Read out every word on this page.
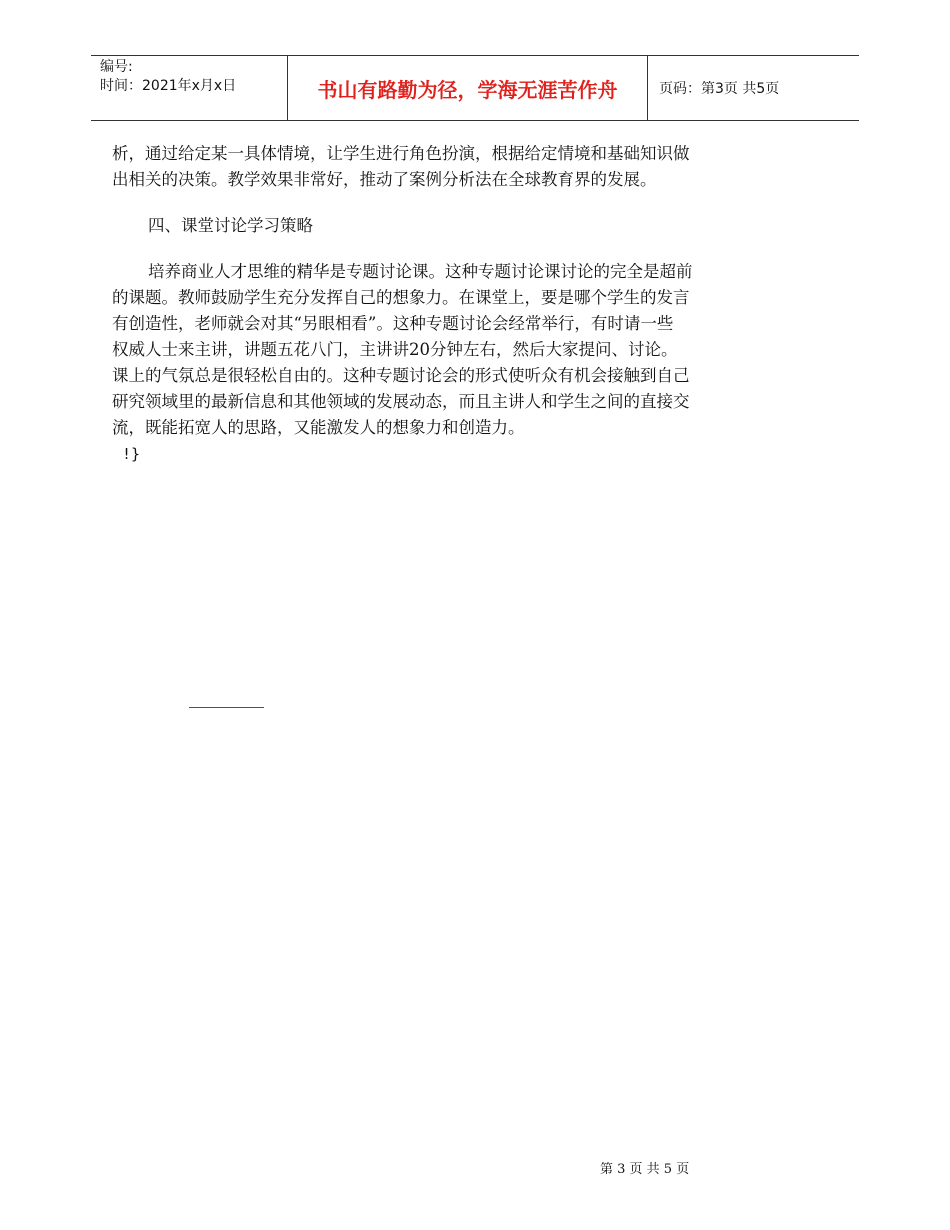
编号:
时间：2021年x月x日	书山有路勤为径，学海无涯苦作舟	页码：第3页 共5页
析，通过给定某一具体情境，让学生进行角色扮演，根据给定情境和基础知识做
出相关的决策。教学效果非常好，推动了案例分析法在全球教育界的发展。
四、课堂讨论学习策略
培养商业人才思维的精华是专题讨论课。这种专题讨论课讨论的完全是超前
的课题。教师鼓励学生充分发挥自己的想象力。在课堂上，要是哪个学生的发言
有创造性，老师就会对其“另眼相看”。这种专题讨论会经常举行，有时请一些
权威人士来主讲，讲题五花八门，主讲讲20分钟左右，然后大家提问、讨论。
课上的气氛总是很轻松自由的。这种专题讨论会的形式使听众有机会接触到自己
研究领域里的最新信息和其他领域的发展动态，而且主讲人和学生之间的直接交
流，既能拓宽人的思路，又能激发人的想象力和创造力。
!}
第 3 页 共 5 页
